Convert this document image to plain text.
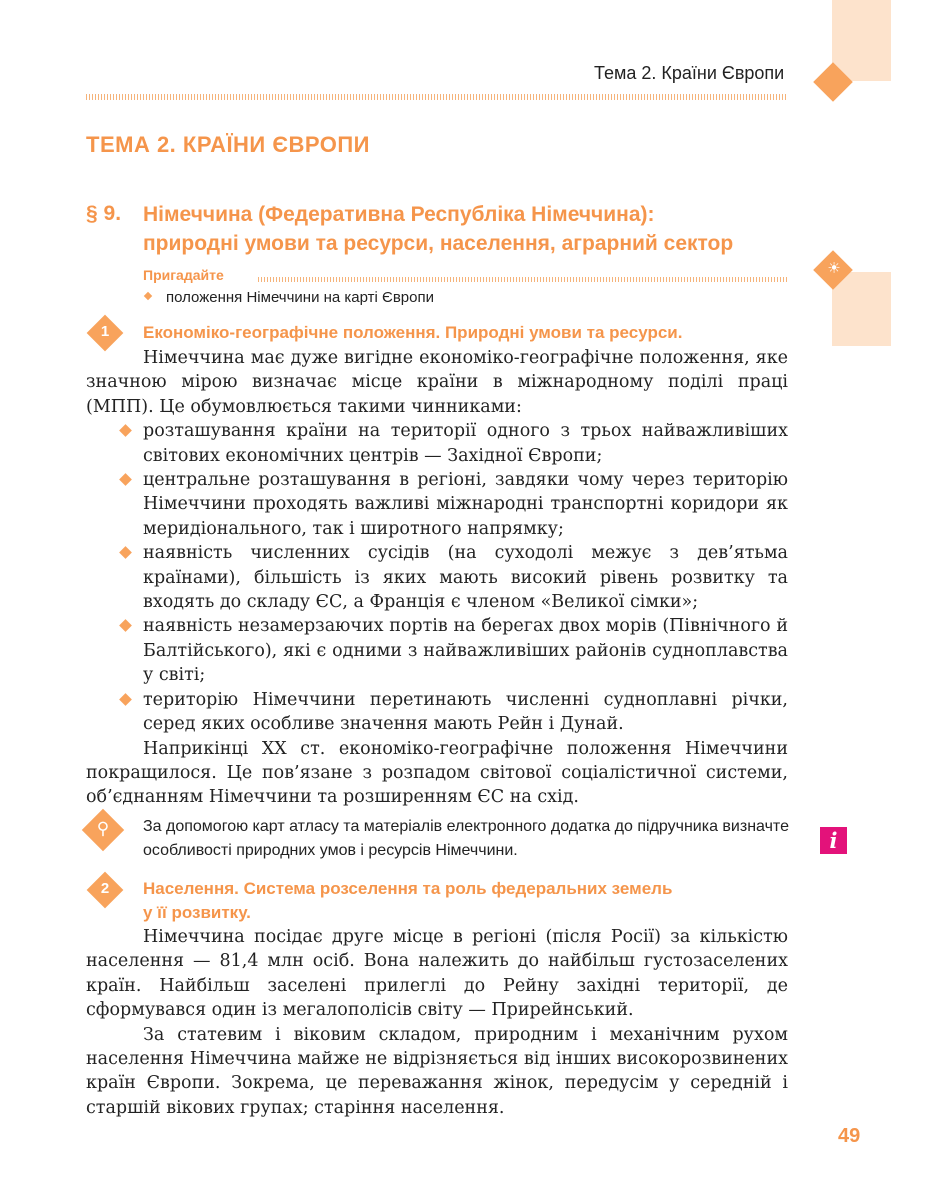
☀
Тема 2. Країни Європи
ТЕМА 2. КРАЇНИ ЄВРОПИ
§ 9. Німеччина (Федеративна Республіка Німеччина):
природні умови та ресурси, населення, аграрний сектор
Пригадайте
положення Німеччини на карті Європи
1	Економіко-географічне положення. Природні умови та ресурси.

Німеччина має дуже вигідне економіко-географічне положення, яке значною мірою визначає місце країни в міжнародному поділі праці (МПП). Це обумовлюється такими чинниками:

розташування країни на території одного з трьох найважливіших світових економічних центрів — Західної Європи;
центральне розташування в регіоні, завдяки чому через територію Німеччини проходять важливі міжнародні транспортні коридори як меридіонального, так і широтного напрямку;
наявність численних сусідів (на суходолі межує з дев’ятьма країнами), більшість із яких мають високий рівень розвитку та входять до складу ЄС, а Франція є членом «Великої сімки»;
наявність незамерзаючих портів на берегах двох морів (Північного й Балтійського), які є одними з найважливіших районів судноплавства у світі;
територію Німеччини перетинають численні судноплавні річки, серед яких особливе значення мають Рейн і Дунай.

Наприкінці ХХ ст. економіко-географічне положення Німеччини покращилося. Це пов’язане з розпадом світової соціалістичної системи, об’єднанням Німеччини та розширенням ЄС на схід.

⚲ За допомогою карт атласу та матеріалів електронного додатка до підручника визначте особливості природних умов і ресурсів Німеччини.	i
2	Населення. Система розселення та роль федеральних земель
у її розвитку.

Німеччина посідає друге місце в регіоні (після Росії) за кількістю населення — 81,4 млн осіб. Вона належить до найбільш густозаселених країн. Найбільш заселені прилеглі до Рейну західні території, де сформувався один із мегалополісів світу — Прирейнський.

За статевим і віковим складом, природним і механічним рухом населення Німеччина майже не відрізняється від інших високорозвинених країн Європи. Зокрема, це переважання жінок, передусім у середній і старшій вікових групах; старіння населення.

49
